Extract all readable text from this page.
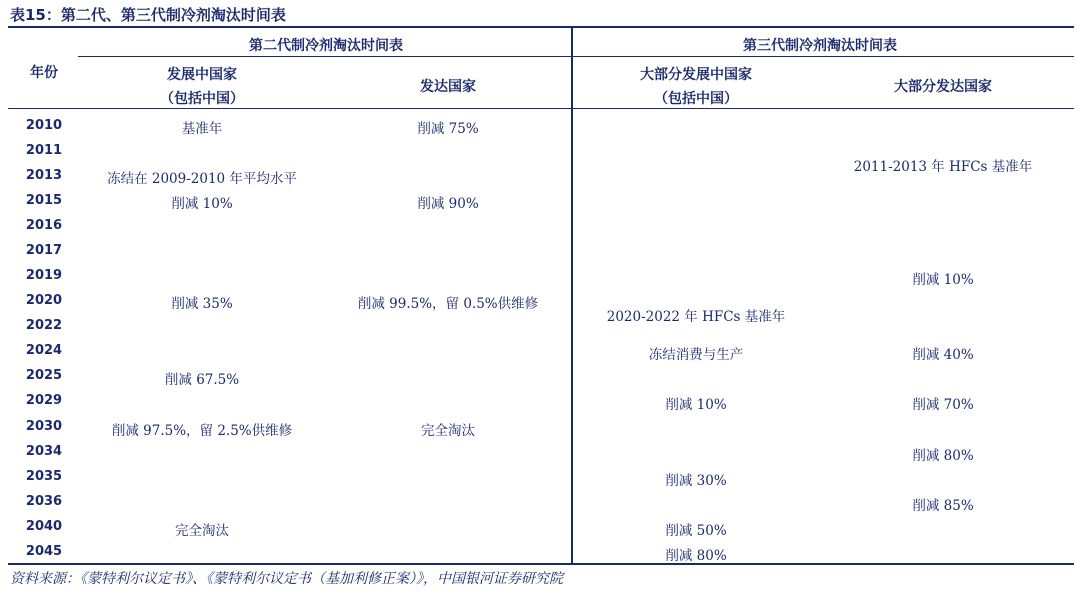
表15：第二代、第三代制冷剂淘汰时间表
年份
第二代制冷剂淘汰时间表	第三代制冷剂淘汰时间表
发展中国家
（包括中国）
发达国家
大部分发展中国家
（包括中国）
大部分发达国家
2010
2011
2013
2015
2016
2017
2019
2020
2022
2024
2025
2029
2030
2034
2035
2036
2040
2045
基准年
冻结在 2009-2010 年平均水平
削减 10%
削减 35%
削减 67.5%
削减 97.5%，留 2.5%供维修
完全淘汰
削减 75%
削减 90%
削减 99.5%，留 0.5%供维修
完全淘汰
2020-2022 年 HFCs 基准年
冻结消费与生产
削减 10%
削减 30%
削减 50%
削减 80%
2011-2013 年 HFCs 基准年
削减 10%
削减 40%
削减 70%
削减 80%
削减 85%
资料来源：《蒙特利尔议定书》、《蒙特利尔议定书（基加利修正案）》，中国银河证券研究院
